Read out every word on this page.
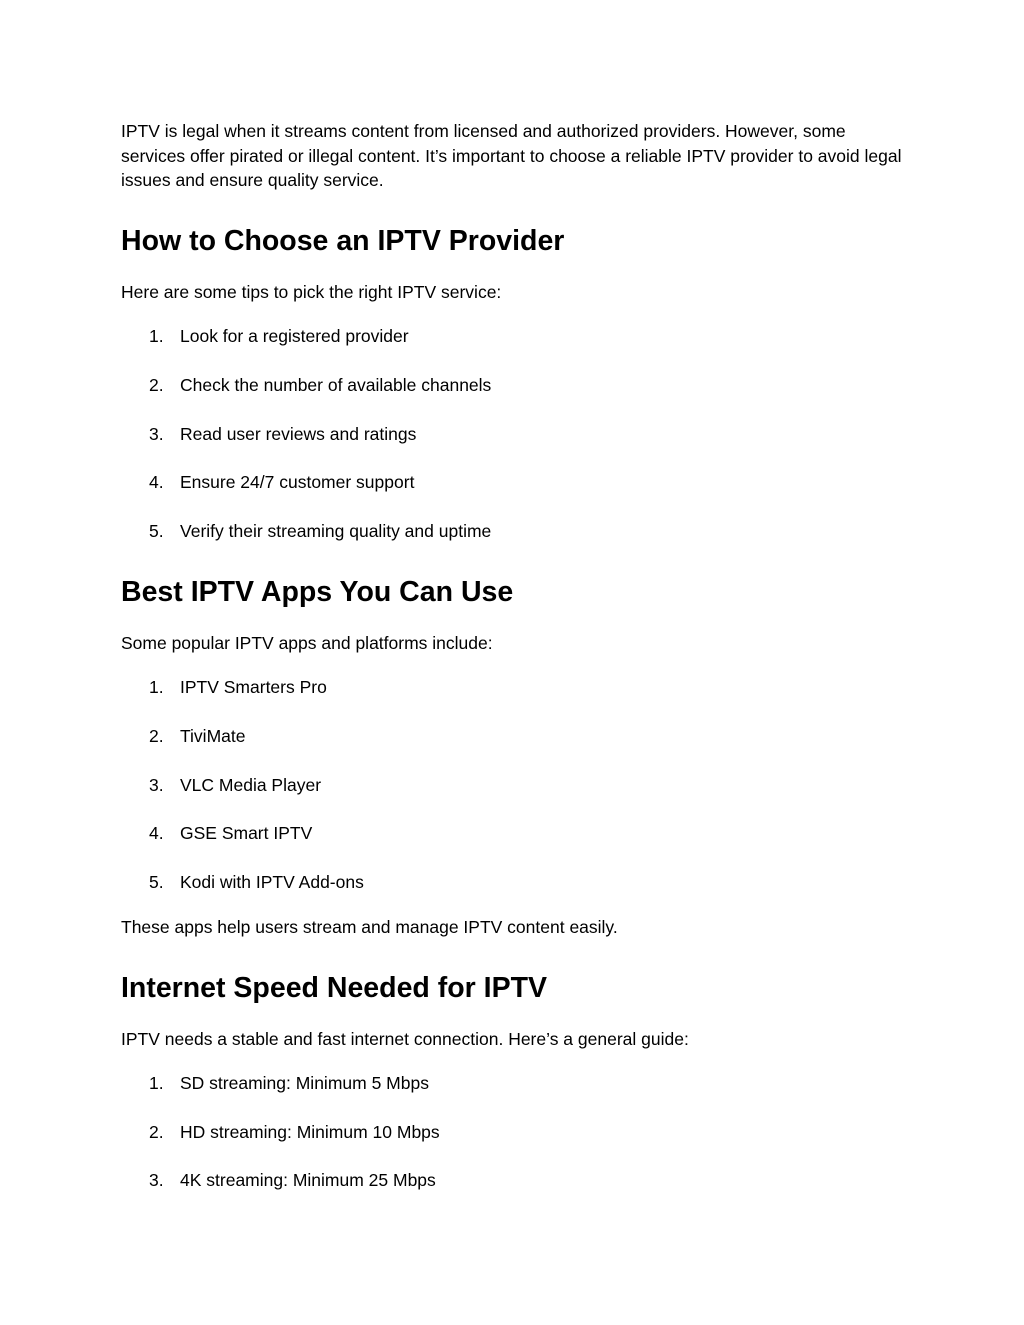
IPTV is legal when it streams content from licensed and authorized providers. However, some services offer pirated or illegal content. It’s important to choose a reliable IPTV provider to avoid legal issues and ensure quality service.

How to Choose an IPTV Provider

Here are some tips to pick the right IPTV service:

1. Look for a registered provider
2. Check the number of available channels
3. Read user reviews and ratings
4. Ensure 24/7 customer support
5. Verify their streaming quality and uptime
Best IPTV Apps You Can Use

Some popular IPTV apps and platforms include:

1. IPTV Smarters Pro
2. TiviMate
3. VLC Media Player
4. GSE Smart IPTV
5. Kodi with IPTV Add-ons

These apps help users stream and manage IPTV content easily.

Internet Speed Needed for IPTV

IPTV needs a stable and fast internet connection. Here’s a general guide:

1. SD streaming: Minimum 5 Mbps
2. HD streaming: Minimum 10 Mbps
3. 4K streaming: Minimum 25 Mbps
